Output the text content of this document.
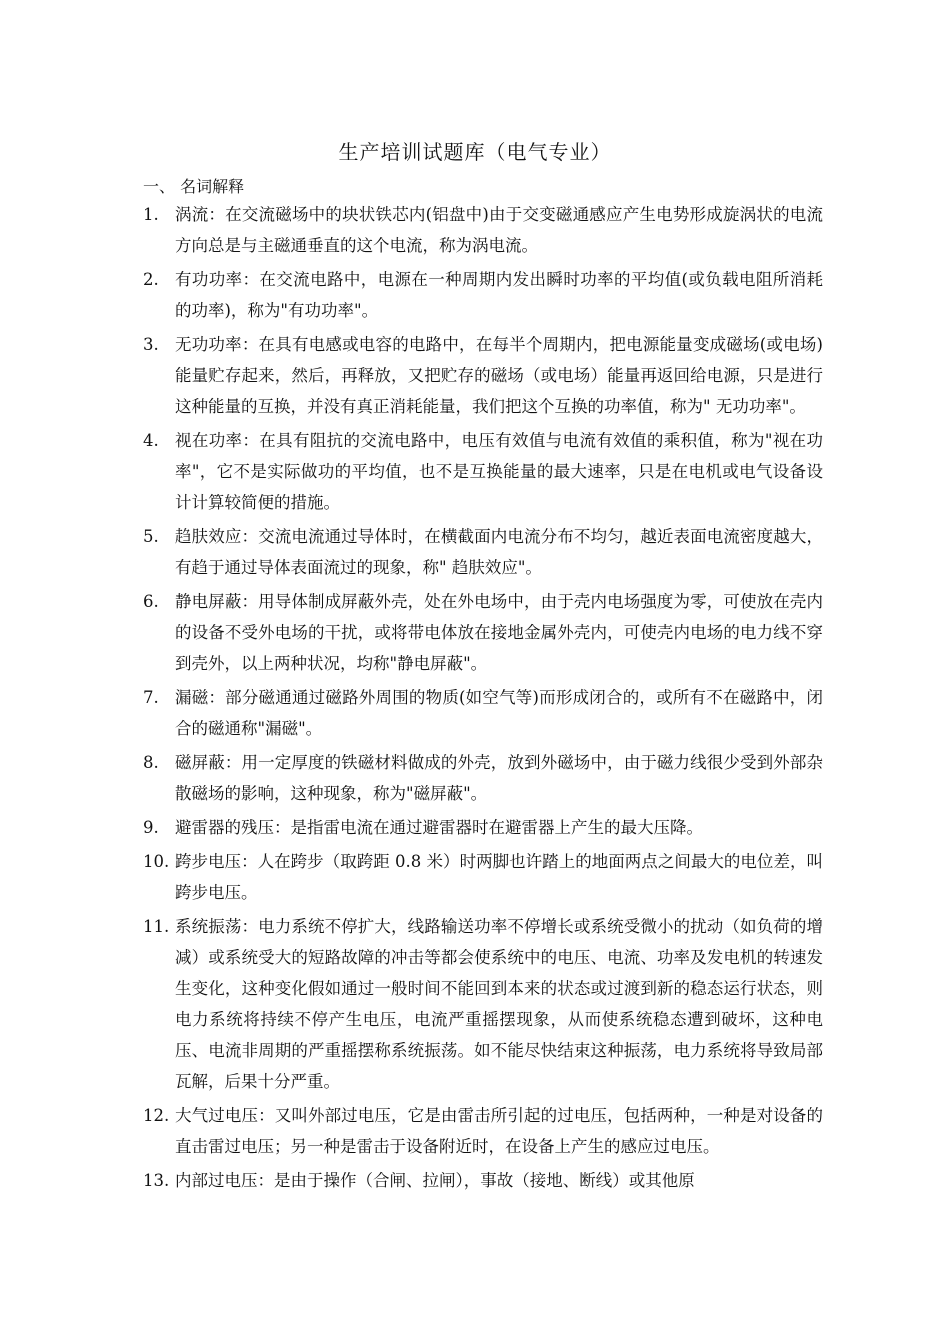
生产培训试题库（电气专业）
一、 名词解释
1. 涡流：在交流磁场中的块状铁芯内(铝盘中)由于交变磁通感应产生电势形成旋涡状的电流方向总是与主磁通垂直的这个电流，称为涡电流。
2. 有功功率：在交流电路中，电源在一种周期内发出瞬时功率的平均值(或负载电阻所消耗的功率)，称为"有功功率"。
3. 无功功率：在具有电感或电容的电路中，在每半个周期内，把电源能量变成磁场(或电场)能量贮存起来，然后，再释放，又把贮存的磁场（或电场）能量再返回给电源，只是进行这种能量的互换，并没有真正消耗能量，我们把这个互换的功率值，称为" 无功功率"。
4. 视在功率：在具有阻抗的交流电路中，电压有效值与电流有效值的乘积值，称为"视在功率"，它不是实际做功的平均值，也不是互换能量的最大速率，只是在电机或电气设备设计计算较简便的措施。
5. 趋肤效应：交流电流通过导体时，在横截面内电流分布不均匀，越近表面电流密度越大，有趋于通过导体表面流过的现象，称" 趋肤效应"。
6. 静电屏蔽：用导体制成屏蔽外壳，处在外电场中，由于壳内电场强度为零，可使放在壳内的设备不受外电场的干扰，或将带电体放在接地金属外壳内，可使壳内电场的电力线不穿到壳外，以上两种状况，均称"静电屏蔽"。
7. 漏磁：部分磁通通过磁路外周围的物质(如空气等)而形成闭合的，或所有不在磁路中，闭合的磁通称"漏磁"。
8. 磁屏蔽：用一定厚度的铁磁材料做成的外壳，放到外磁场中，由于磁力线很少受到外部杂散磁场的影响，这种现象，称为"磁屏蔽"。
9. 避雷器的残压：是指雷电流在通过避雷器时在避雷器上产生的最大压降。
10. 跨步电压：人在跨步（取跨距 0.8 米）时两脚也许踏上的地面两点之间最大的电位差，叫跨步电压。
11. 系统振荡：电力系统不停扩大，线路输送功率不停增长或系统受微小的扰动（如负荷的增减）或系统受大的短路故障的冲击等都会使系统中的电压、电流、功率及发电机的转速发生变化，这种变化假如通过一般时间不能回到本来的状态或过渡到新的稳态运行状态，则电力系统将持续不停产生电压，电流严重摇摆现象，从而使系统稳态遭到破坏，这种电压、电流非周期的严重摇摆称系统振荡。如不能尽快结束这种振荡，电力系统将导致局部瓦解，后果十分严重。
12. 大气过电压：又叫外部过电压，它是由雷击所引起的过电压，包括两种，一种是对设备的直击雷过电压；另一种是雷击于设备附近时，在设备上产生的感应过电压。
13. 内部过电压：是由于操作（合闸、拉闸），事故（接地、断线）或其他原
